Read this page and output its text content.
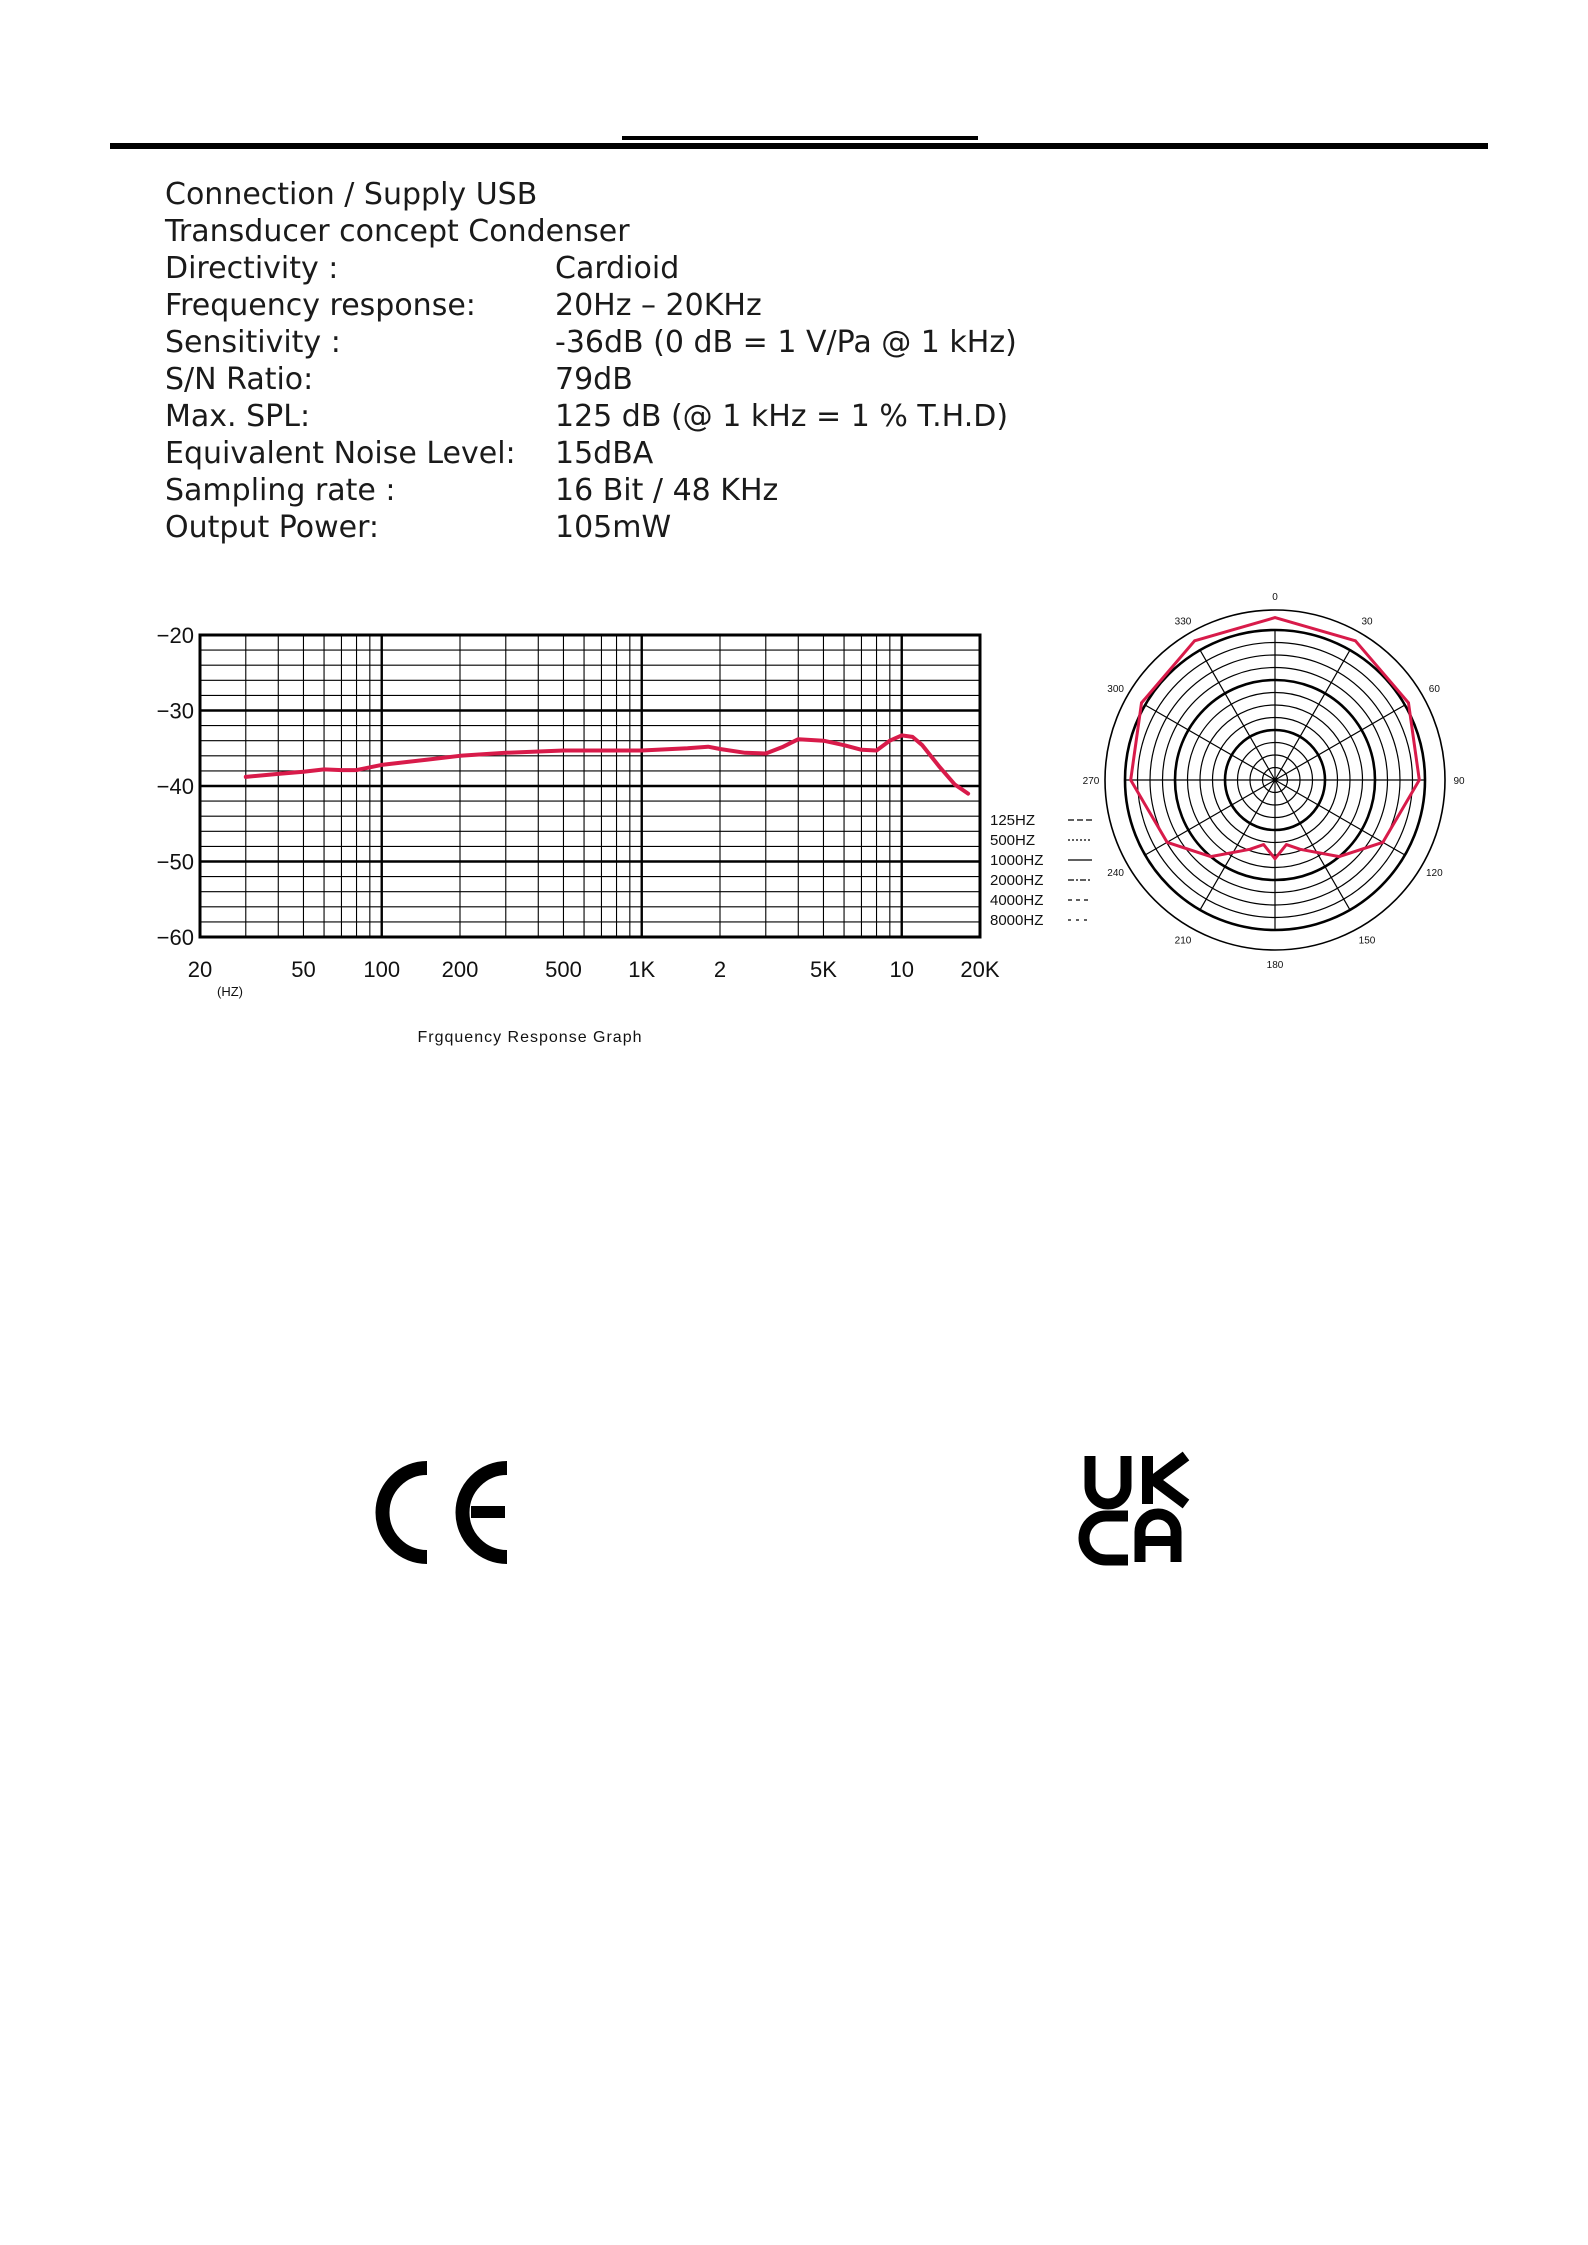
Connection / Supply USB
Transducer concept Condenser
Directivity :	Cardioid
Frequency response:	20Hz – 20KHz
Sensitivity :	-36dB (0 dB = 1 V/Pa @ 1 kHz)
S/N Ratio:	79dB
Max. SPL:	125 dB (@ 1 kHz = 1 % T.H.D)
Equivalent Noise Level: 15dBA
Sampling rate :	16 Bit / 48 KHz
Output Power:	105mW
−20
−30
−40
−50
−60
20	50 100 200	500 1K	2	5K 10 20K
(HZ)
Frgquency Response Graph
0
30
60
90
120
150
180
210
240
270
300
330
125HZ
500HZ
1000HZ
2000HZ
4000HZ
8000HZ
